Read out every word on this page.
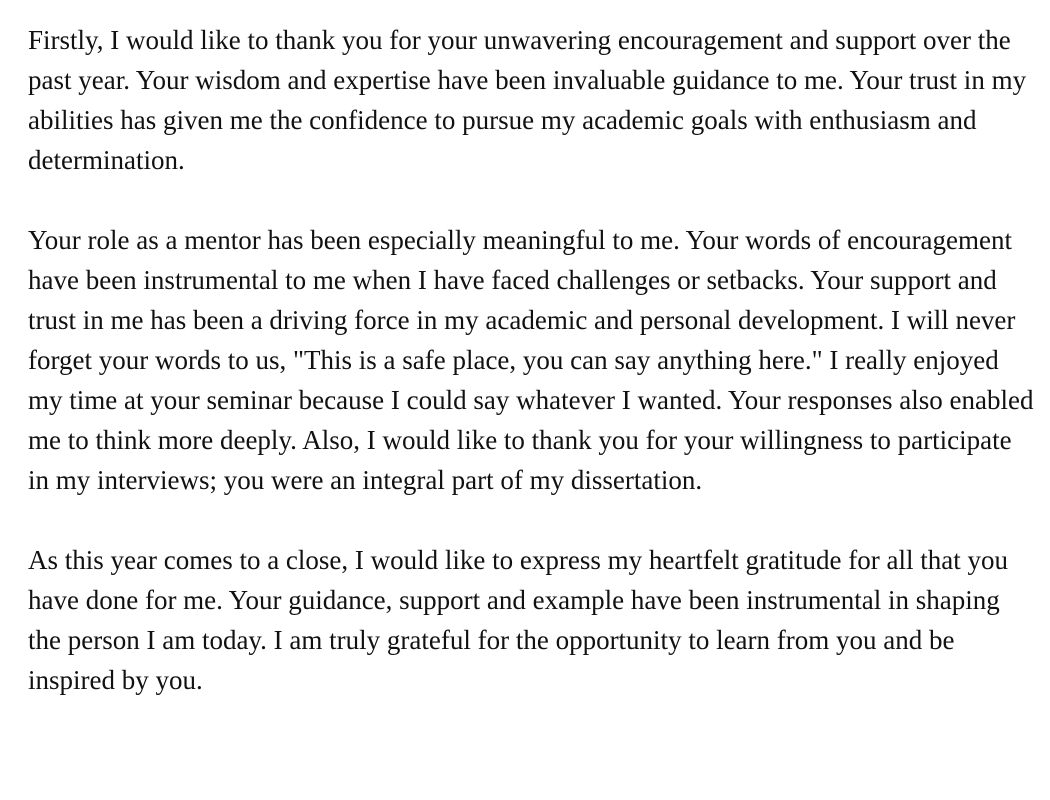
Firstly, I would like to thank you for your unwavering encouragement and support over the past year. Your wisdom and expertise have been invaluable guidance to me. Your trust in my abilities has given me the confidence to pursue my academic goals with enthusiasm and determination.

Your role as a mentor has been especially meaningful to me. Your words of encouragement have been instrumental to me when I have faced challenges or setbacks. Your support and trust in me has been a driving force in my academic and personal development. I will never forget your words to us, "This is a safe place, you can say anything here." I really enjoyed my time at your seminar because I could say whatever I wanted. Your responses also enabled me to think more deeply. Also, I would like to thank you for your willingness to participate in my interviews; you were an integral part of my dissertation.

As this year comes to a close, I would like to express my heartfelt gratitude for all that you have done for me. Your guidance, support and example have been instrumental in shaping the person I am today. I am truly grateful for the opportunity to learn from you and be inspired by you.
